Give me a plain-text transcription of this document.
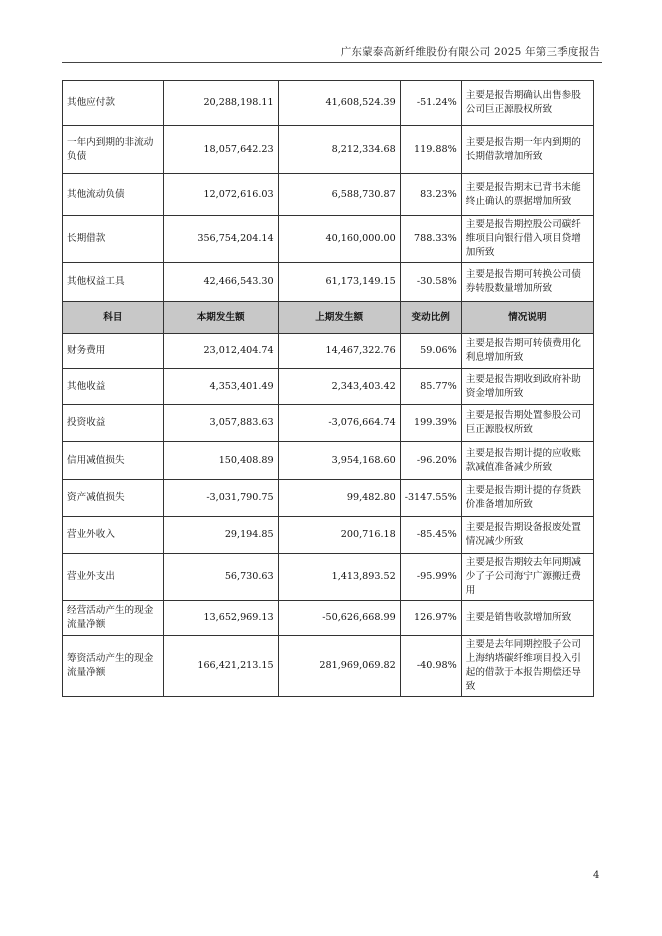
广东蒙泰高新纤维股份有限公司 2025 年第三季度报告
其他应付款	20,288,198.11	41,608,524.39	-51.24%	主要是报告期确认出售参股公司巨正源股权所致
一年内到期的非流动负债	18,057,642.23	8,212,334.68	119.88%	主要是报告期一年内到期的长期借款增加所致
其他流动负债	12,072,616.03	6,588,730.87	83.23%	主要是报告期末已背书未能终止确认的票据增加所致
长期借款	356,754,204.14	40,160,000.00	788.33%	主要是报告期控股公司碳纤维项目向银行借入项目贷增加所致
其他权益工具	42,466,543.30	61,173,149.15	-30.58%	主要是报告期可转换公司债券转股数量增加所致
科目	本期发生额	上期发生额	变动比例	情况说明
财务费用	23,012,404.74	14,467,322.76	59.06%	主要是报告期可转债费用化利息增加所致
其他收益	4,353,401.49	2,343,403.42	85.77%	主要是报告期收到政府补助资金增加所致
投资收益	3,057,883.63	-3,076,664.74	199.39%	主要是报告期处置参股公司巨正源股权所致
信用减值损失	150,408.89	3,954,168.60	-96.20%	主要是报告期计提的应收账款减值准备减少所致
资产减值损失	-3,031,790.75	99,482.80	-3147.55%	主要是报告期计提的存货跌价准备增加所致
营业外收入	29,194.85	200,716.18	-85.45%	主要是报告期设备报废处置情况减少所致
营业外支出	56,730.63	1,413,893.52	-95.99%	主要是报告期较去年同期减少了子公司海宁广源搬迁费用
经营活动产生的现金流量净额	13,652,969.13	-50,626,668.99	126.97%	主要是销售收款增加所致
筹资活动产生的现金流量净额	166,421,213.15	281,969,069.82	-40.98%	主要是去年同期控股子公司上海纳塔碳纤维项目投入引起的借款于本报告期偿还导致
4
